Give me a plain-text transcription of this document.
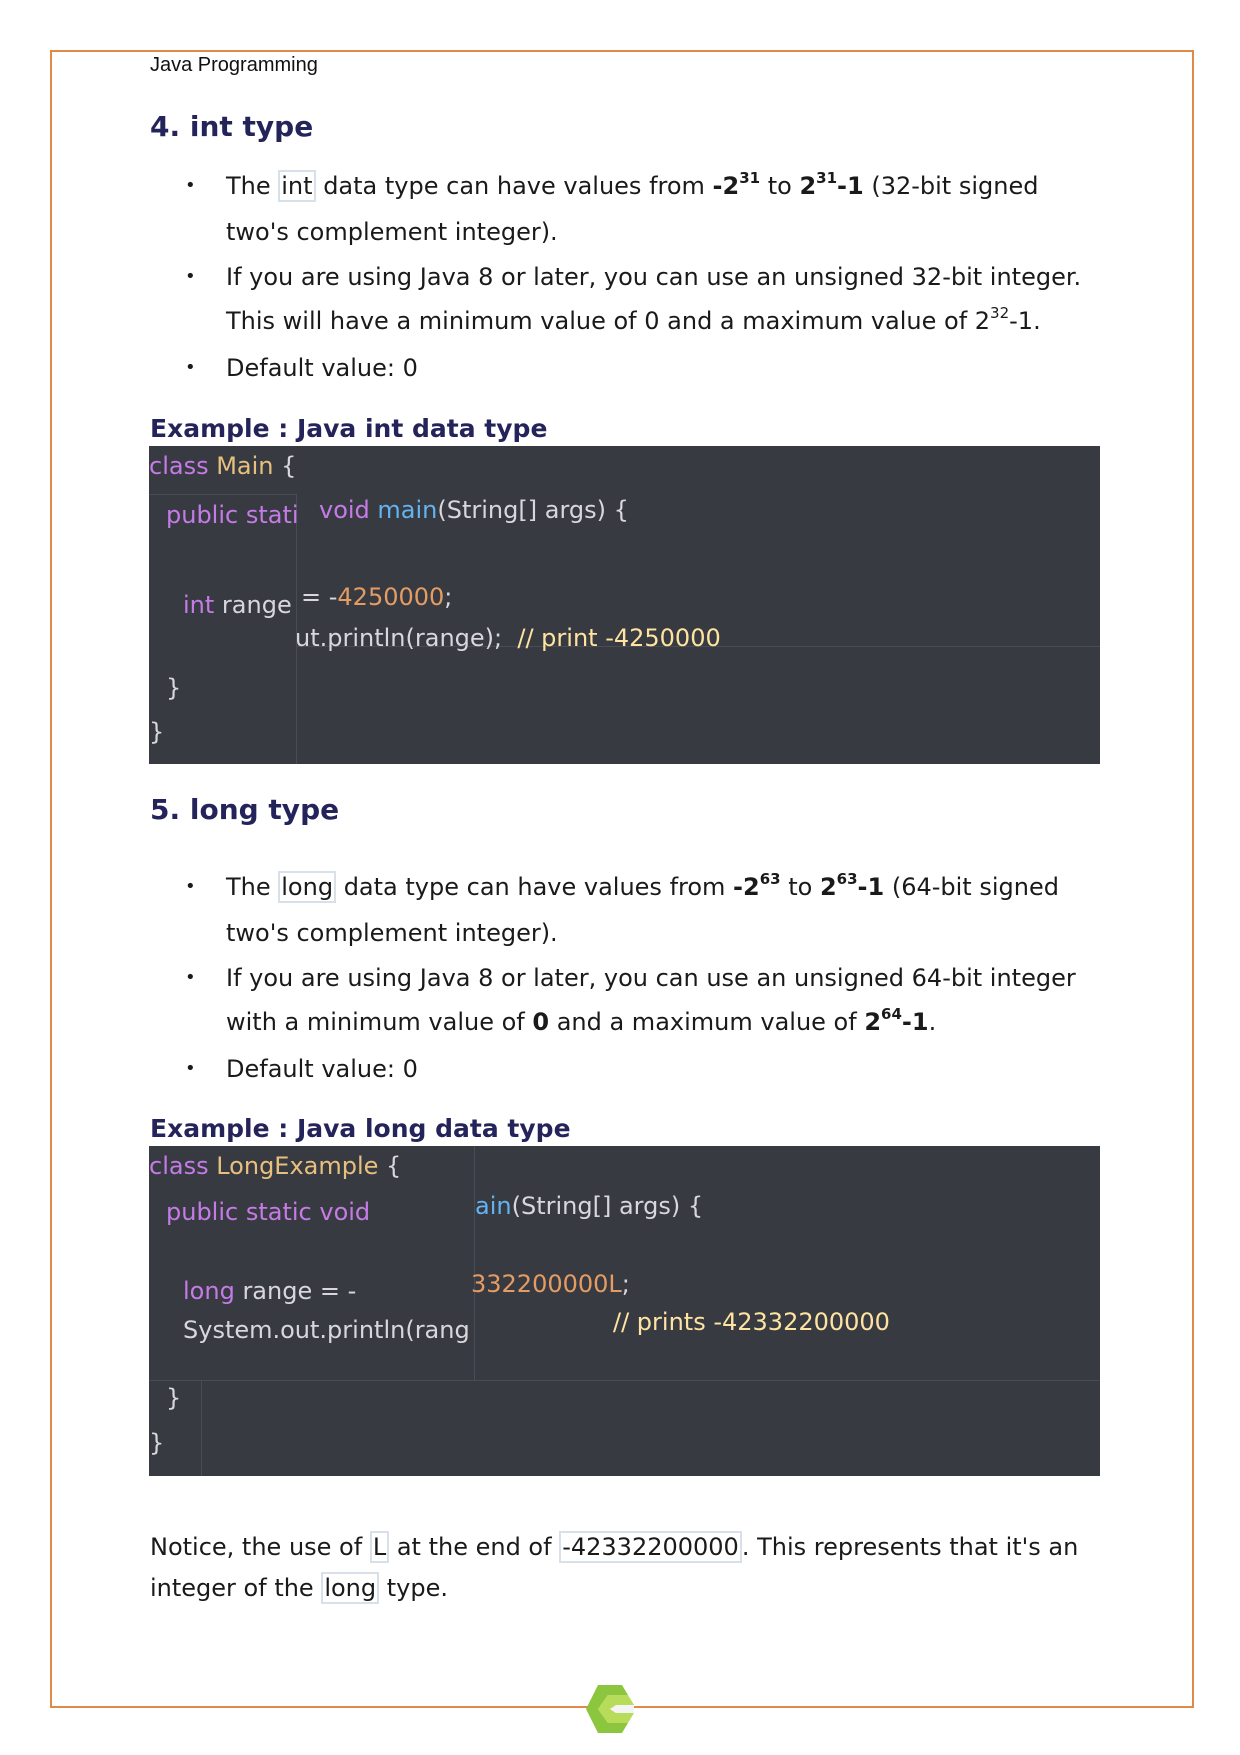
Java Programming
4. int type
• The int data type can have values from $-2^{31}$ to $2^{31}-1$ (32-bit signed
two's complement integer).
• If you are using Java 8 or later, you can use an unsigned 32-bit integer.
This will have a minimum value of 0 and a maximum value of $2^{32}-1$.
• Default value: 0
Example : Java int data type
class Main {
public stati void main(String[] args) {
int range = -4250000;
ut.println(range);  // print -4250000
}
}
5. long type
• The long data type can have values from $-2^{63}$ to $2^{63}-1$ (64-bit signed
two's complement integer).
• If you are using Java 8 or later, you can use an unsigned 64-bit integer
with a minimum value of 0 and a maximum value of $2^{64}-1$.
• Default value: 0
Example : Java long data type
class LongExample {
public static void	ain(String[] args) {
long range = -	332200000L;
System.out.println(rang	// prints -42332200000
}
}

Notice, the use of L at the end of -42332200000 . This represents that it's an
integer of the long type.
